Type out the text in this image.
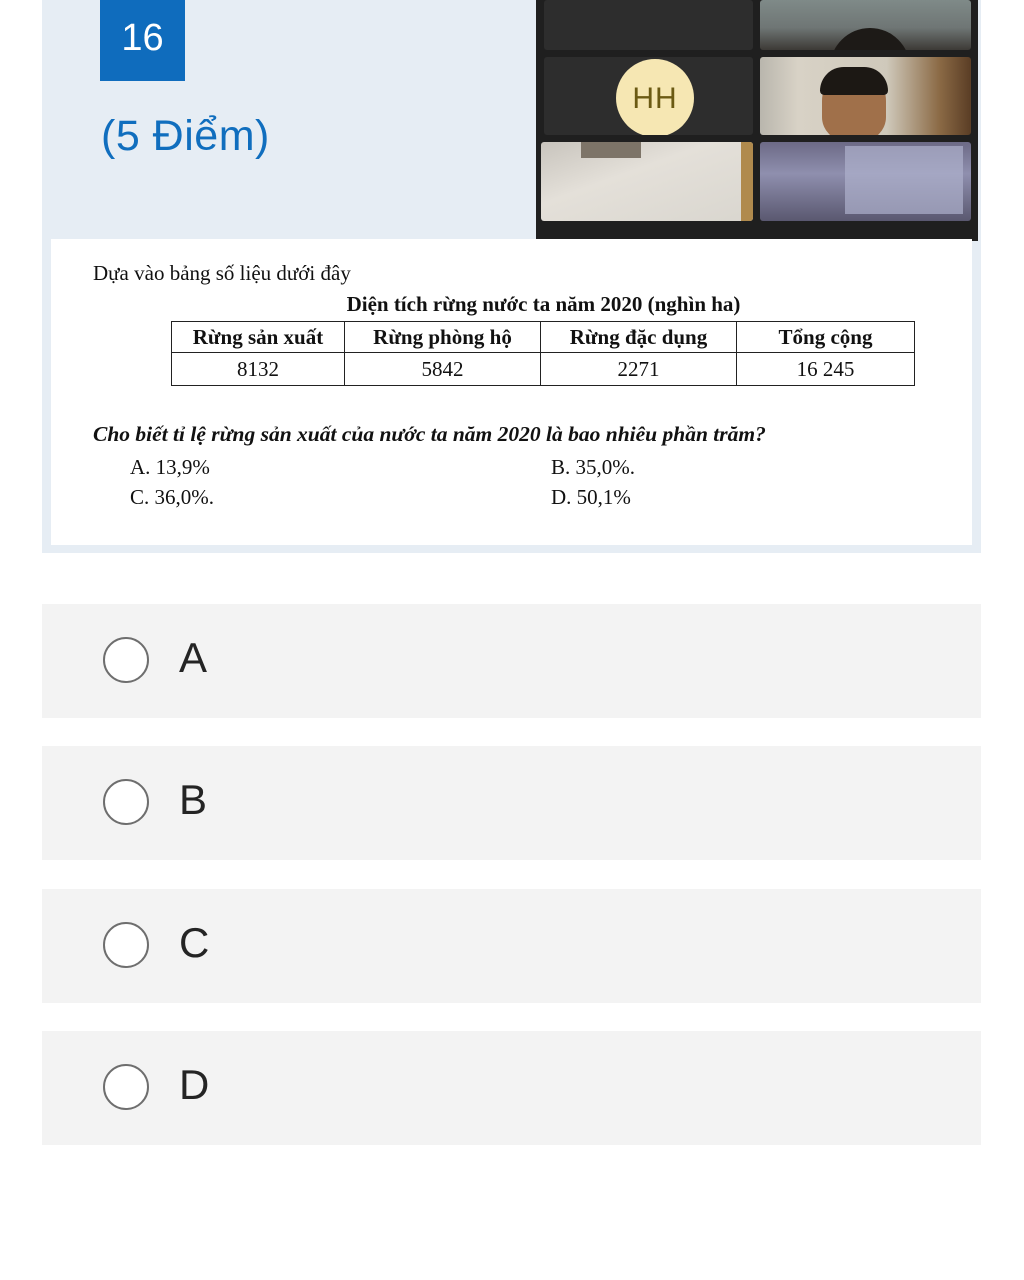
16
(5 Điểm)
HH
Dựa vào bảng số liệu dưới đây
Diện tích rừng nước ta năm 2020 (nghìn ha)
Rừng sản xuất	Rừng phòng hộ	Rừng đặc dụng	Tổng cộng
8132	5842	2271	16 245
Cho biết tỉ lệ rừng sản xuất của nước ta năm 2020 là bao nhiêu phần trăm?
A. 13,9%	B. 35,0%.
C. 36,0%.	D. 50,1%
A
B
C
D
